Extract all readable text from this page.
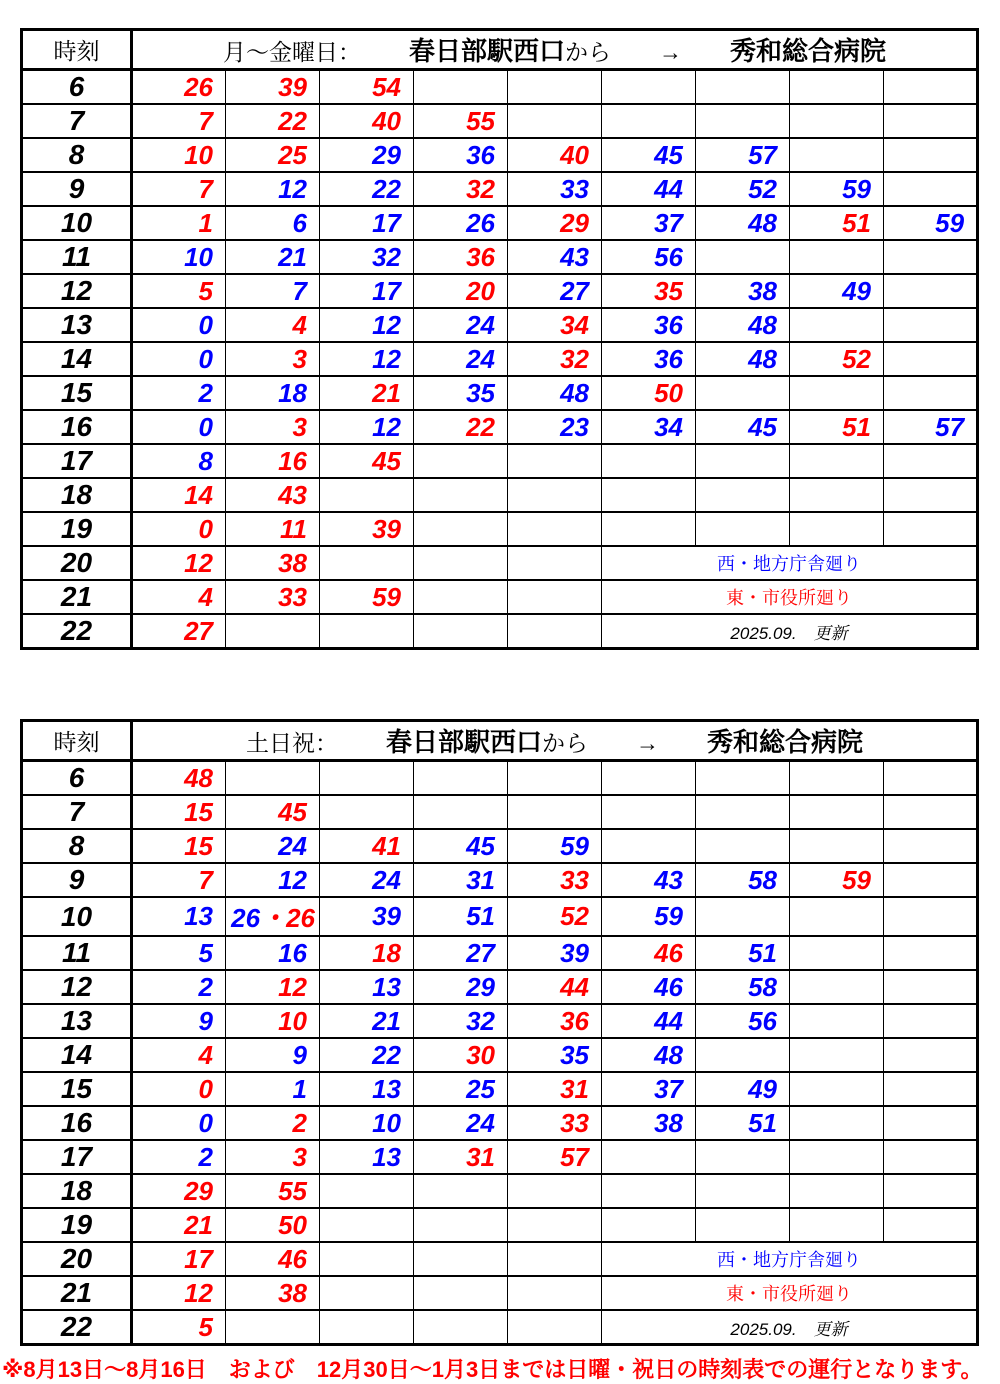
時刻	月～金曜日： 春日部駅西口から → 秀和総合病院								
6	26	39	54						
7	7	22	40	55					
8	10	25	29	36	40	45	57		
9	7	12	22	32	33	44	52	59	
10	1	6	17	26	29	37	48	51	59
11	10	21	32	36	43	56			
12	5	7	17	20	27	35	38	49	
13	0	4	12	24	34	36	48		
14	0	3	12	24	32	36	48	52	
15	2	18	21	35	48	50			
16	0	3	12	22	23	34	45	51	57
17	8	16	45						
18	14	43							
19	0	11	39						
20	12	38				西・地方庁舎廻り			
21	4	33	59			東・市役所廻り			
22	27					2025.09.　更新			
時刻	土日祝： 春日部駅西口から → 秀和総合病院								
6	48								
7	15	45							
8	15	24	41	45	59				
9	7	12	24	31	33	43	58	59	
10	13	26・26	39	51	52	59			
11	5	16	18	27	39	46	51		
12	2	12	13	29	44	46	58		
13	9	10	21	32	36	44	56		
14	4	9	22	30	35	48			
15	0	1	13	25	31	37	49		
16	0	2	10	24	33	38	51		
17	2	3	13	31	57				
18	29	55							
19	21	50							
20	17	46				西・地方庁舎廻り			
21	12	38				東・市役所廻り			
22	5					2025.09.　更新			
※8月13日～8月16日　および　12月30日～1月3日までは日曜・祝日の時刻表での運行となります。
